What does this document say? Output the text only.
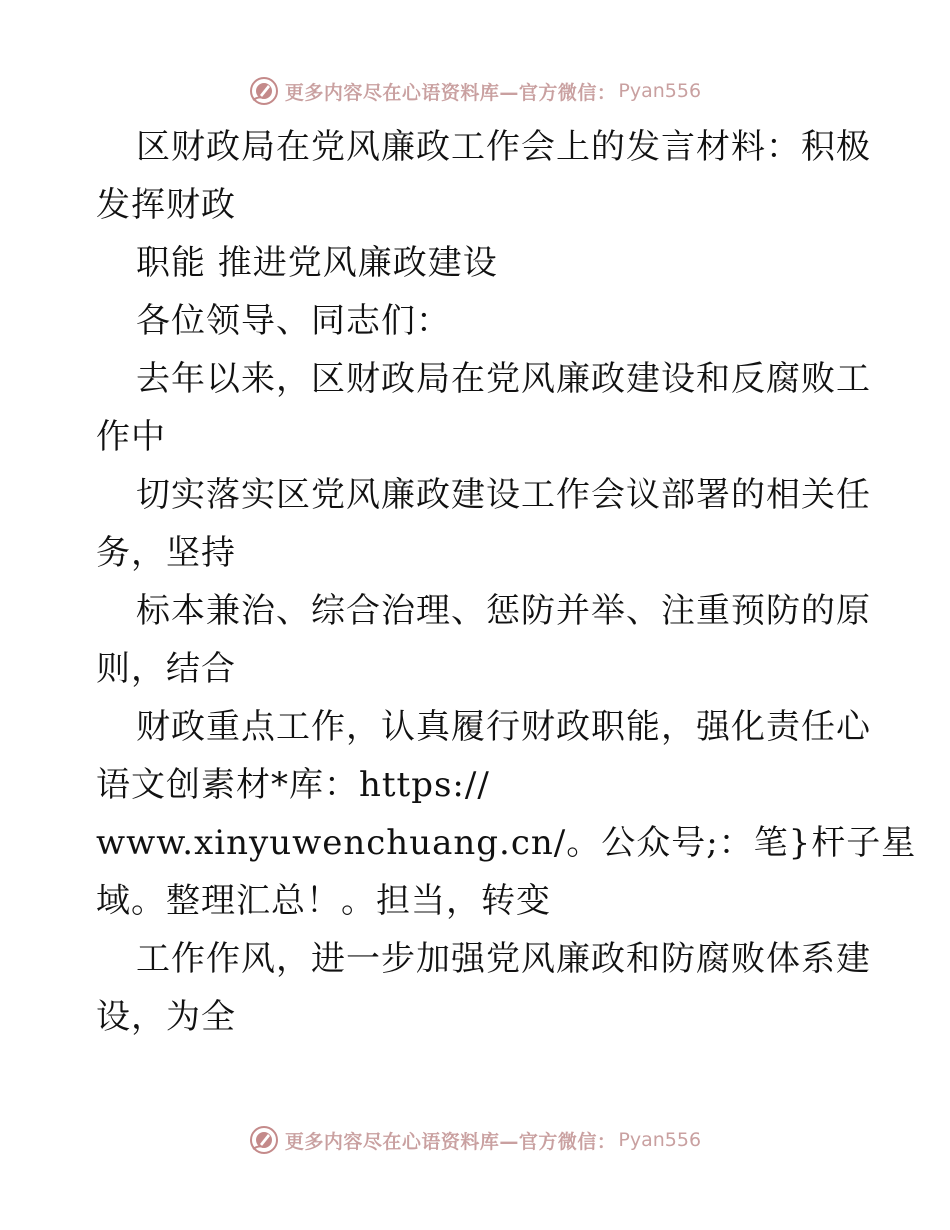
更多内容尽在心语资料库—官方微信： Pyan556
区财政局在党风廉政工作会上的发言材料：积极
发挥财政
职能 推进党风廉政建设
各位领导、同志们：
去年以来，区财政局在党风廉政建设和反腐败工
作中
切实落实区党风廉政建设工作会议部署的相关任
务，坚持
标本兼治、综合治理、惩防并举、注重预防的原
则，结合
财政重点工作，认真履行财政职能，强化责任心
语文创素材*库：https://
www.xinyuwenchuang.cn/。公众号;：笔}杆子星
域。整理汇总！。担当，转变
工作作风，进一步加强党风廉政和防腐败体系建
设，为全
更多内容尽在心语资料库—官方微信： Pyan556
